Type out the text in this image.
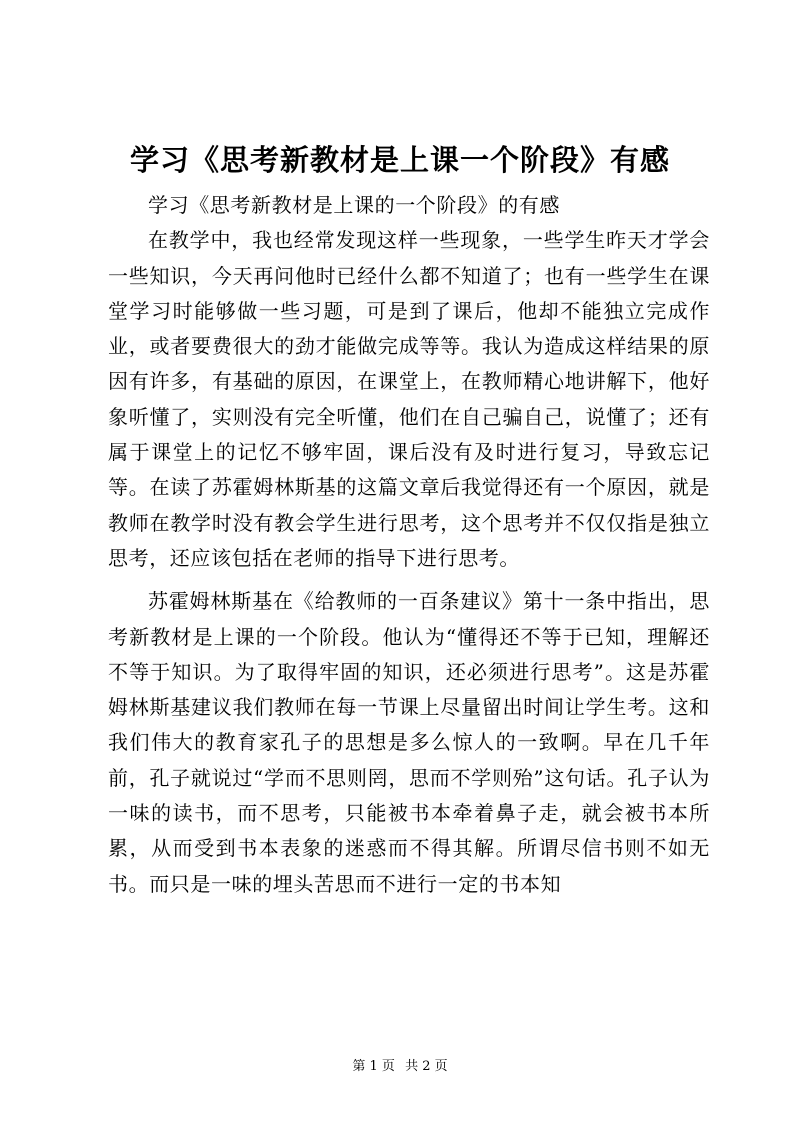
学习《思考新教材是上课一个阶段》有感

学习《思考新教材是上课的一个阶段》的有感

在教学中，我也经常发现这样一些现象，一些学生昨天才学会一些知识，今天再问他时已经什么都不知道了；也有一些学生在课堂学习时能够做一些习题，可是到了课后，他却不能独立完成作业，或者要费很大的劲才能做完成等等。我认为造成这样结果的原因有许多，有基础的原因，在课堂上，在教师精心地讲解下，他好象听懂了，实则没有完全听懂，他们在自己骗自己，说懂了；还有属于课堂上的记忆不够牢固，课后没有及时进行复习，导致忘记等。在读了苏霍姆林斯基的这篇文章后我觉得还有一个原因，就是教师在教学时没有教会学生进行思考，这个思考并不仅仅指是独立思考，还应该包括在老师的指导下进行思考。

苏霍姆林斯基在《给教师的一百条建议》第十一条中指出，思考新教材是上课的一个阶段。他认为“懂得还不等于已知，理解还不等于知识。为了取得牢固的知识，还必须进行思考”。这是苏霍姆林斯基建议我们教师在每一节课上尽量留出时间让学生考。这和我们伟大的教育家孔子的思想是多么惊人的一致啊。早在几千年前，孔子就说过“学而不思则罔，思而不学则殆”这句话。孔子认为一味的读书，而不思考，只能被书本牵着鼻子走，就会被书本所累，从而受到书本表象的迷惑而不得其解。所谓尽信书则不如无书。而只是一味的埋头苦思而不进行一定的书本知

第 1 页 共 2 页
